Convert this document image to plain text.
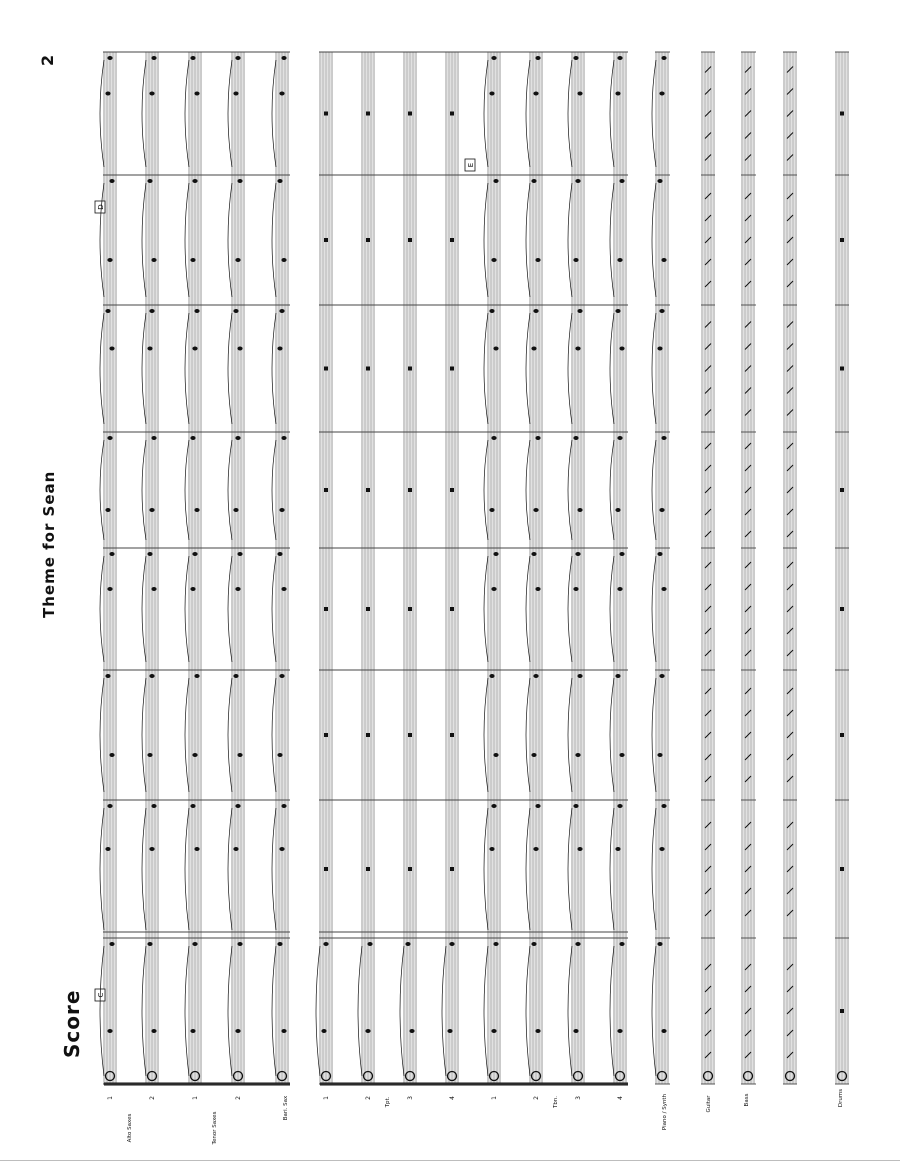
Score
Theme for Sean
2
C
D
E
Alto Saxes
1	2
Tenor Saxes
1	2	Bari. Sax	Tpt.
1	2	3	4	Tbn.
1	2	3	4	Piano / Synth	Guitar	Bass	Drums
